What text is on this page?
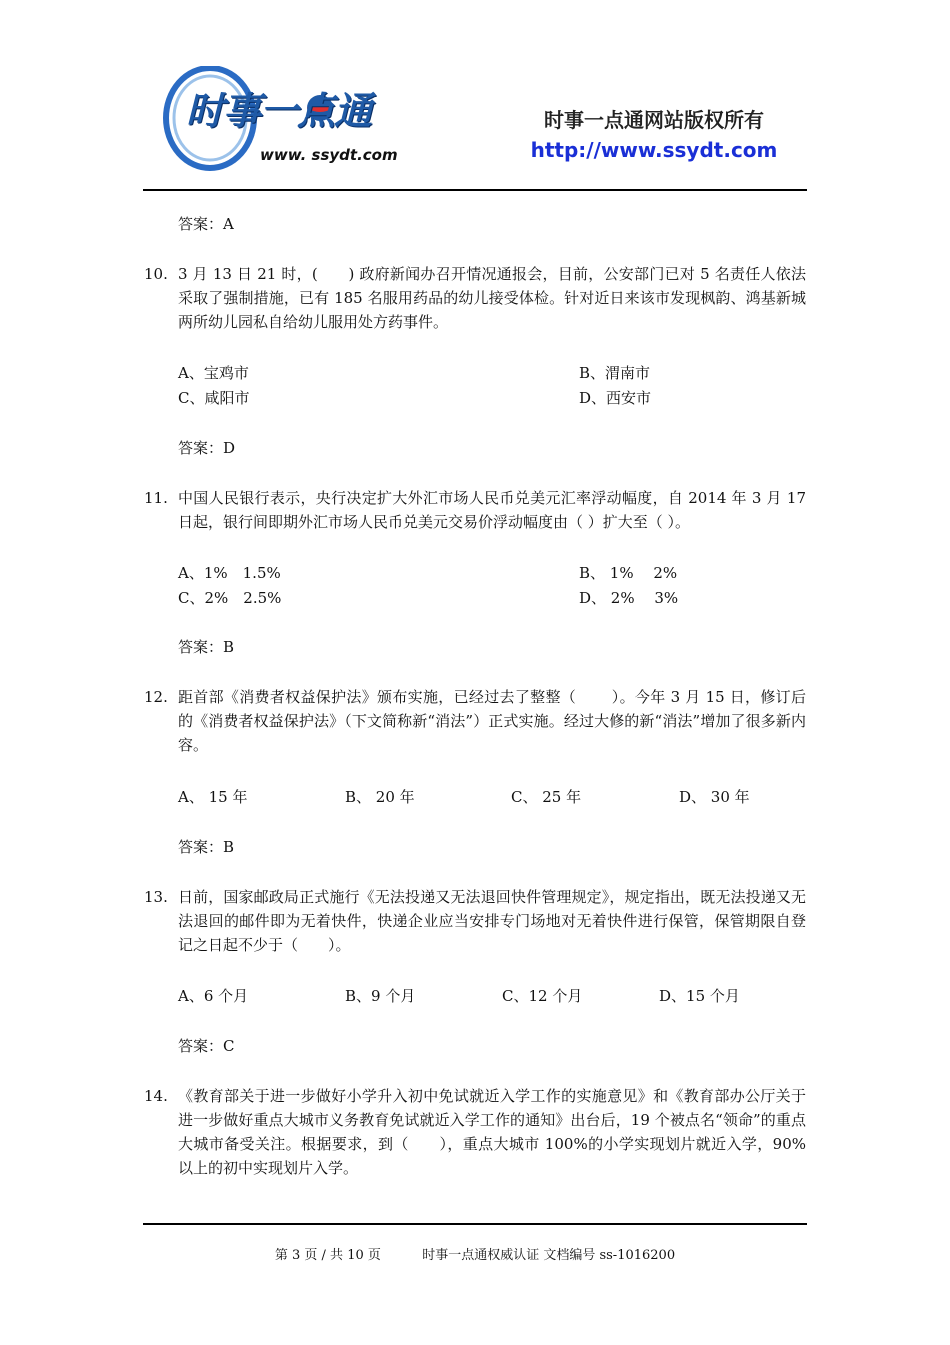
时事一点通
www. ssydt.com
时事一点通网站版权所有
http://www.ssydt.com
答案：A
10. 3 月 13 日 21 时，(　　) 政府新闻办召开情况通报会，目前，公安部门已对 5 名责任人依法采取了强制措施，已有 185 名服用药品的幼儿接受体检。针对近日来该市发现枫韵、鸿基新城两所幼儿园私自给幼儿服用处方药事件。
A、宝鸡市	B、渭南市
C、咸阳市	D、西安市
答案：D
11. 中国人民银行表示，央行决定扩大外汇市场人民币兑美元汇率浮动幅度，自 2014 年 3 月 17 日起，银行间即期外汇市场人民币兑美元交易价浮动幅度由（ ）扩大至（ ）。
A、1%　1.5%	B、 1%　 2%
C、2%　2.5%	D、 2%　 3%
答案：B
12. 距首部《消费者权益保护法》颁布实施，已经过去了整整（　　 ）。今年 3 月 15 日，修订后的《消费者权益保护法》（下文简称新“消法”）正式实施。经过大修的新“消法”增加了很多新内容。
A、 15 年	B、 20 年	C、 25 年	D、 30 年
答案：B
13. 日前，国家邮政局正式施行《无法投递又无法退回快件管理规定》，规定指出，既无法投递又无法退回的邮件即为无着快件，快递企业应当安排专门场地对无着快件进行保管，保管期限自登记之日起不少于（　　）。
A、6 个月	B、9 个月	C、12 个月	D、15 个月
答案：C
14. 《教育部关于进一步做好小学升入初中免试就近入学工作的实施意见》和《教育部办公厅关于进一步做好重点大城市义务教育免试就近入学工作的通知》出台后，19 个被点名“领命”的重点大城市备受关注。根据要求，到（　　），重点大城市 100%的小学实现划片就近入学，90%以上的初中实现划片入学。
第 3 页 / 共 10 页	时事一点通权威认证 文档编号 ss-1016200
